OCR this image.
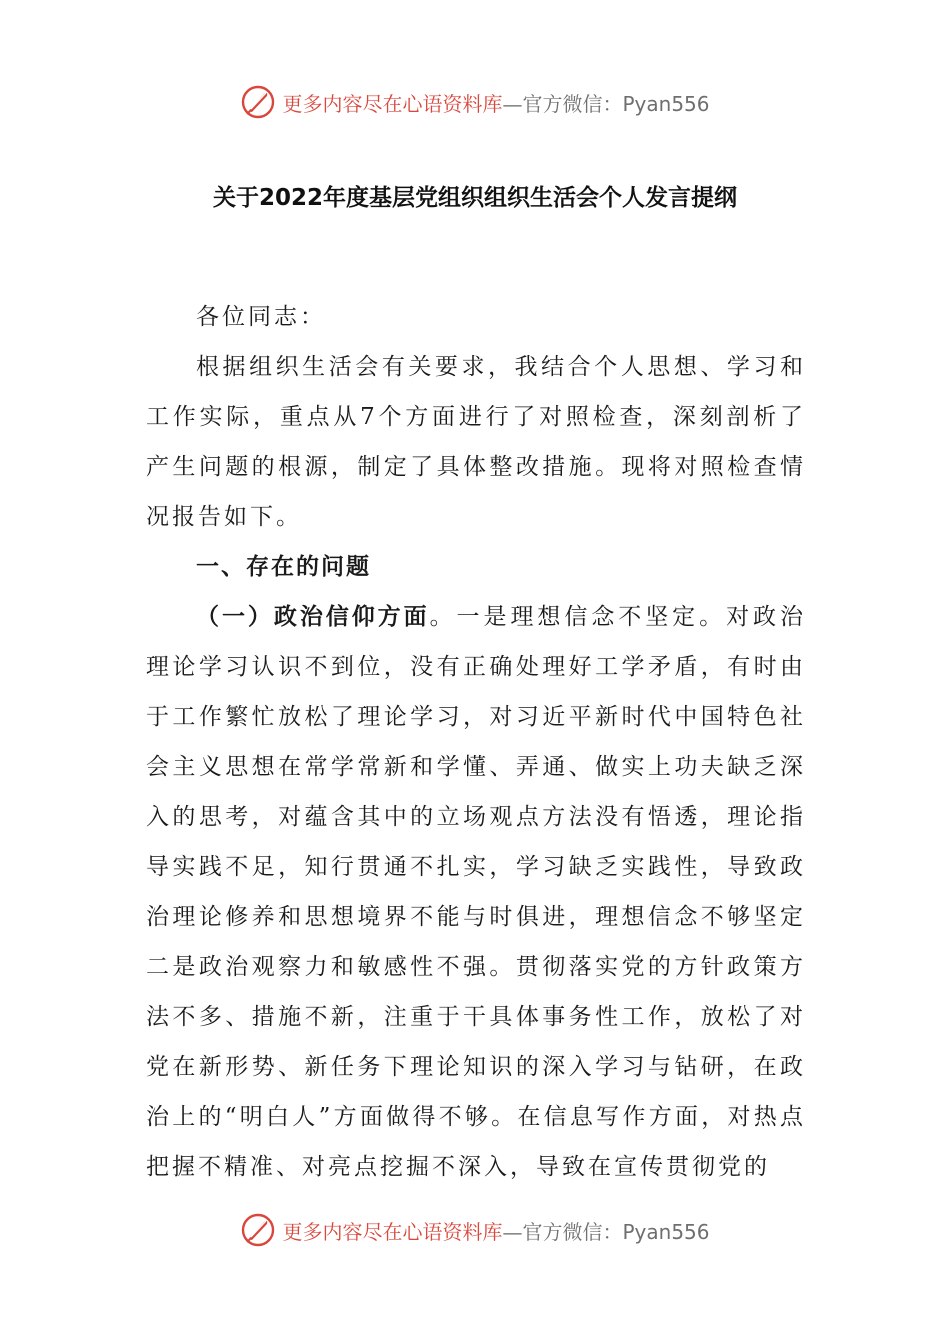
更多内容尽在心语资料库—官方微信：Pyan556
关于2022年度基层党组织组织生活会个人发言提纲

各位同志：

根据组织生活会有关要求，我结合个人思想、学习和工作实际，重点从7个方面进行了对照检查，深刻剖析了产生问题的根源，制定了具体整改措施。现将对照检查情况报告如下。

一、存在的问题

（一）政治信仰方面。一是理想信念不坚定。对政治理论学习认识不到位，没有正确处理好工学矛盾，有时由于工作繁忙放松了理论学习，对习近平新时代中国特色社会主义思想在常学常新和学懂、弄通、做实上功夫缺乏深入的思考，对蕴含其中的立场观点方法没有悟透，理论指导实践不足，知行贯通不扎实，学习缺乏实践性，导致政治理论修养和思想境界不能与时俱进，理想信念不够坚定二是政治观察力和敏感性不强。贯彻落实党的方针政策方法不多、措施不新，注重于干具体事务性工作，放松了对党在新形势、新任务下理论知识的深入学习与钻研，在政治上的“明白人”方面做得不够。在信息写作方面，对热点把握不精准、对亮点挖掘不深入，导致在宣传贯彻党的

更多内容尽在心语资料库—官方微信：Pyan556
